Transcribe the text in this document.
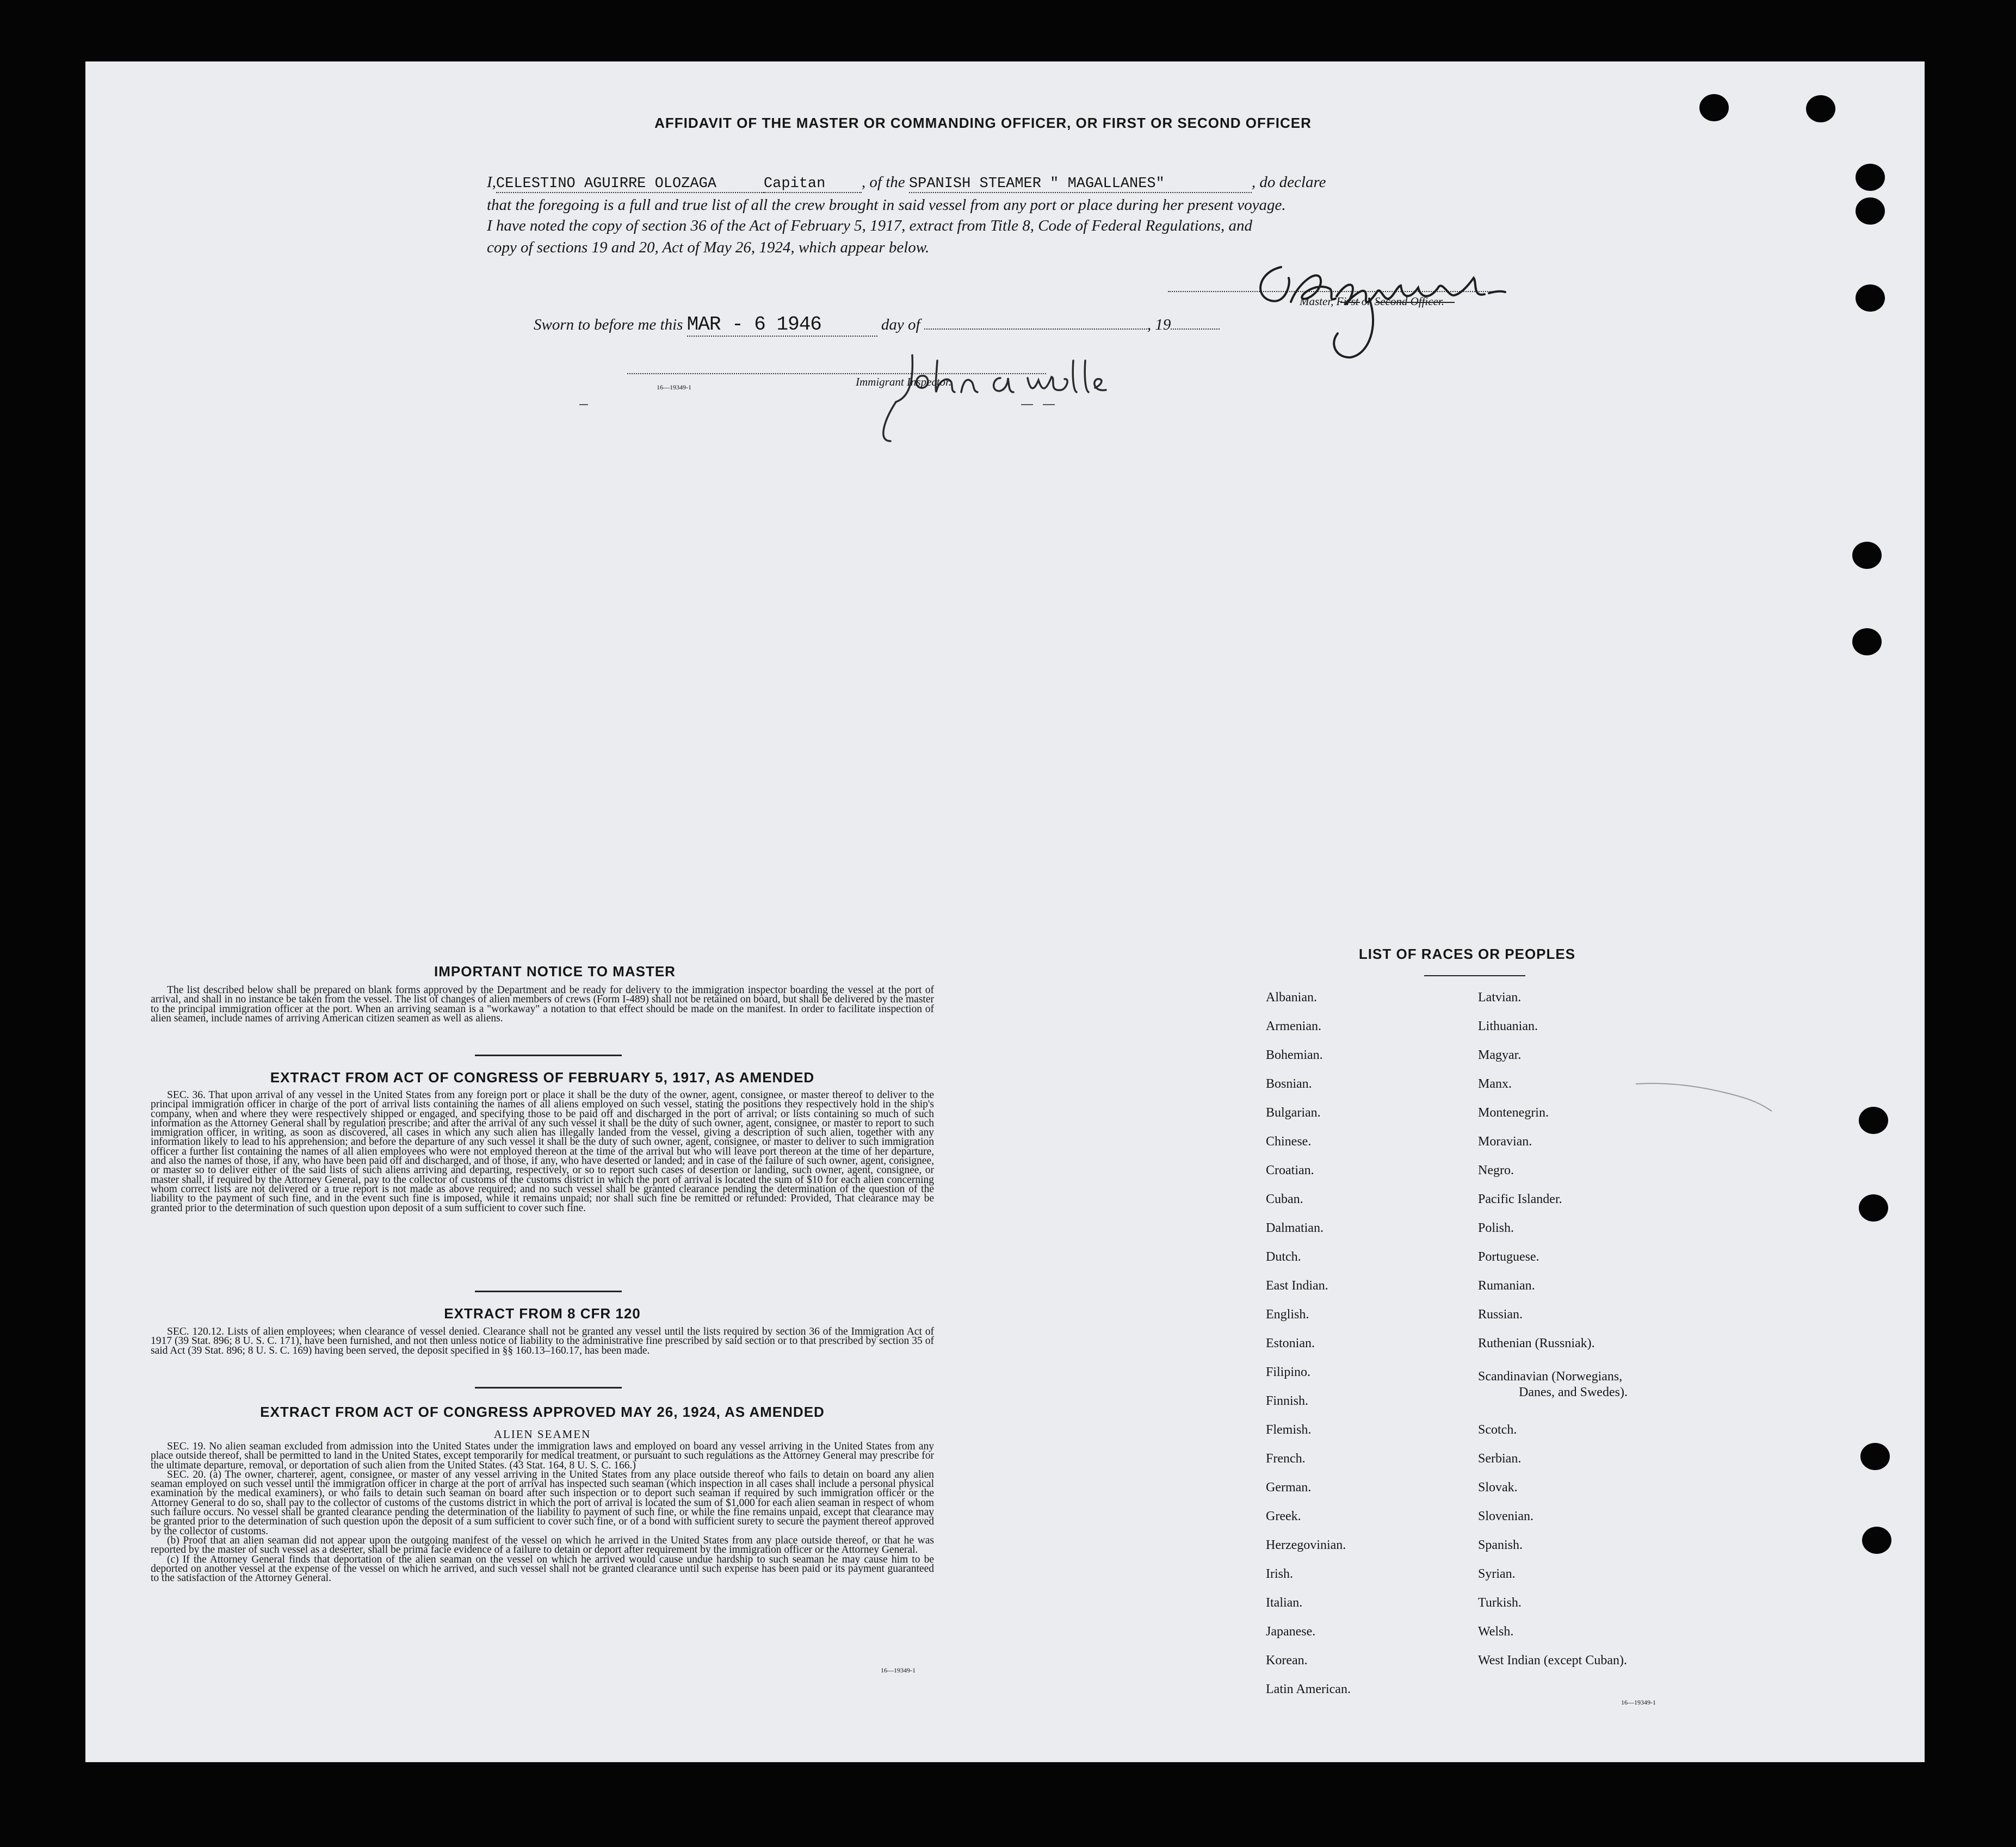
AFFIDAVIT OF THE MASTER OR COMMANDING OFFICER, OR FIRST OR SECOND OFFICER
I,CELESTINO AGUIRRE OLOZAGA	Capitan , of the SPANISH STEAMER " MAGALLANES"	, do declare
that the foregoing is a full and true list of all the crew brought in said vessel from any port or place during her present voyage.
I have noted the copy of section 36 of the Act of February 5, 1917, extract from Title 8, Code of Federal Regulations, and
copy of sections 19 and 20, Act of May 26, 1924, which appear below.
Master, First or Second Officer.
Sworn to before me this MAR - 6 1946	day of	, 19
Immigrant Inspector.
16—19349-1
IMPORTANT NOTICE TO MASTER

The list described below shall be prepared on blank forms approved by the Department and be ready for delivery to the immigration inspector boarding the vessel at the port of arrival, and shall in no instance be taken from the vessel. The list of changes of alien members of crews (Form I-489) shall not be retained on board, but shall be delivered by the master to the principal immigration officer at the port. When an arriving seaman is a "workaway" a notation to that effect should be made on the manifest. In order to facilitate inspection of alien seamen, include names of arriving American citizen seamen as well as aliens.

EXTRACT FROM ACT OF CONGRESS OF FEBRUARY 5, 1917, AS AMENDED

SEC. 36. That upon arrival of any vessel in the United States from any foreign port or place it shall be the duty of the owner, agent, consignee, or master thereof to deliver to the principal immigration officer in charge of the port of arrival lists containing the names of all aliens employed on such vessel, stating the positions they respectively hold in the ship's company, when and where they were respectively shipped or engaged, and specifying those to be paid off and discharged in the port of arrival; or lists containing so much of such information as the Attorney General shall by regulation prescribe; and after the arrival of any such vessel it shall be the duty of such owner, agent, consignee, or master to report to such immigration officer, in writing, as soon as discovered, all cases in which any such alien has illegally landed from the vessel, giving a description of such alien, together with any information likely to lead to his apprehension; and before the departure of any such vessel it shall be the duty of such owner, agent, consignee, or master to deliver to such immigration officer a further list containing the names of all alien employees who were not employed thereon at the time of the arrival but who will leave port thereon at the time of her departure, and also the names of those, if any, who have been paid off and discharged, and of those, if any, who have deserted or landed; and in case of the failure of such owner, agent, consignee, or master so to deliver either of the said lists of such aliens arriving and departing, respectively, or so to report such cases of desertion or landing, such owner, agent, consignee, or master shall, if required by the Attorney General, pay to the collector of customs of the customs district in which the port of arrival is located the sum of $10 for each alien concerning whom correct lists are not delivered or a true report is not made as above required; and no such vessel shall be granted clearance pending the determination of the question of the liability to the payment of such fine, and in the event such fine is imposed, while it remains unpaid; nor shall such fine be remitted or refunded: Provided, That clearance may be granted prior to the determination of such question upon deposit of a sum sufficient to cover such fine.

EXTRACT FROM 8 CFR 120

SEC. 120.12. Lists of alien employees; when clearance of vessel denied. Clearance shall not be granted any vessel until the lists required by section 36 of the Immigration Act of 1917 (39 Stat. 896; 8 U. S. C. 171), have been furnished, and not then unless notice of liability to the administrative fine prescribed by said section or to that prescribed by section 35 of said Act (39 Stat. 896; 8 U. S. C. 169) having been served, the deposit specified in §§ 160.13–160.17, has been made.

EXTRACT FROM ACT OF CONGRESS APPROVED MAY 26, 1924, AS AMENDED
ALIEN SEAMEN

SEC. 19. No alien seaman excluded from admission into the United States under the immigration laws and employed on board any vessel arriving in the United States from any place outside thereof, shall be permitted to land in the United States, except temporarily for medical treatment, or pursuant to such regulations as the Attorney General may prescribe for the ultimate departure, removal, or deportation of such alien from the United States. (43 Stat. 164, 8 U. S. C. 166.)

SEC. 20. (a) The owner, charterer, agent, consignee, or master of any vessel arriving in the United States from any place outside thereof who fails to detain on board any alien seaman employed on such vessel until the immigration officer in charge at the port of arrival has inspected such seaman (which inspection in all cases shall include a personal physical examination by the medical examiners), or who fails to detain such seaman on board after such inspection or to deport such seaman if required by such immigration officer or the Attorney General to do so, shall pay to the collector of customs of the customs district in which the port of arrival is located the sum of $1,000 for each alien seaman in respect of whom such failure occurs. No vessel shall be granted clearance pending the determination of the liability to payment of such fine, or while the fine remains unpaid, except that clearance may be granted prior to the determination of such question upon the deposit of a sum sufficient to cover such fine, or of a bond with sufficient surety to secure the payment thereof approved by the collector of customs.

(b) Proof that an alien seaman did not appear upon the outgoing manifest of the vessel on which he arrived in the United States from any place outside thereof, or that he was reported by the master of such vessel as a deserter, shall be prima facie evidence of a failure to detain or deport after requirement by the immigration officer or the Attorney General.

(c) If the Attorney General finds that deportation of the alien seaman on the vessel on which he arrived would cause undue hardship to such seaman he may cause him to be deported on another vessel at the expense of the vessel on which he arrived, and such vessel shall not be granted clearance until such expense has been paid or its payment guaranteed to the satisfaction of the Attorney General.

16—19349-1
LIST OF RACES OR PEOPLES
Albanian.
Armenian.
Bohemian.
Bosnian.
Bulgarian.
Chinese.
Croatian.
Cuban.
Dalmatian.
Dutch.
East Indian.
English.
Estonian.
Filipino.
Finnish.
Flemish.
French.
German.
Greek.
Herzegovinian.
Irish.
Italian.
Japanese.
Korean.
Latin American.
Latvian.
Lithuanian.
Magyar.
Manx.
Montenegrin.
Moravian.
Negro.
Pacific Islander.
Polish.
Portuguese.
Rumanian.
Russian.
Ruthenian (Russniak).
Scandinavian (Norwegians,
Danes, and Swedes).
Scotch.
Serbian.
Slovak.
Slovenian.
Spanish.
Syrian.
Turkish.
Welsh.
West Indian (except Cuban).
16—19349-1
